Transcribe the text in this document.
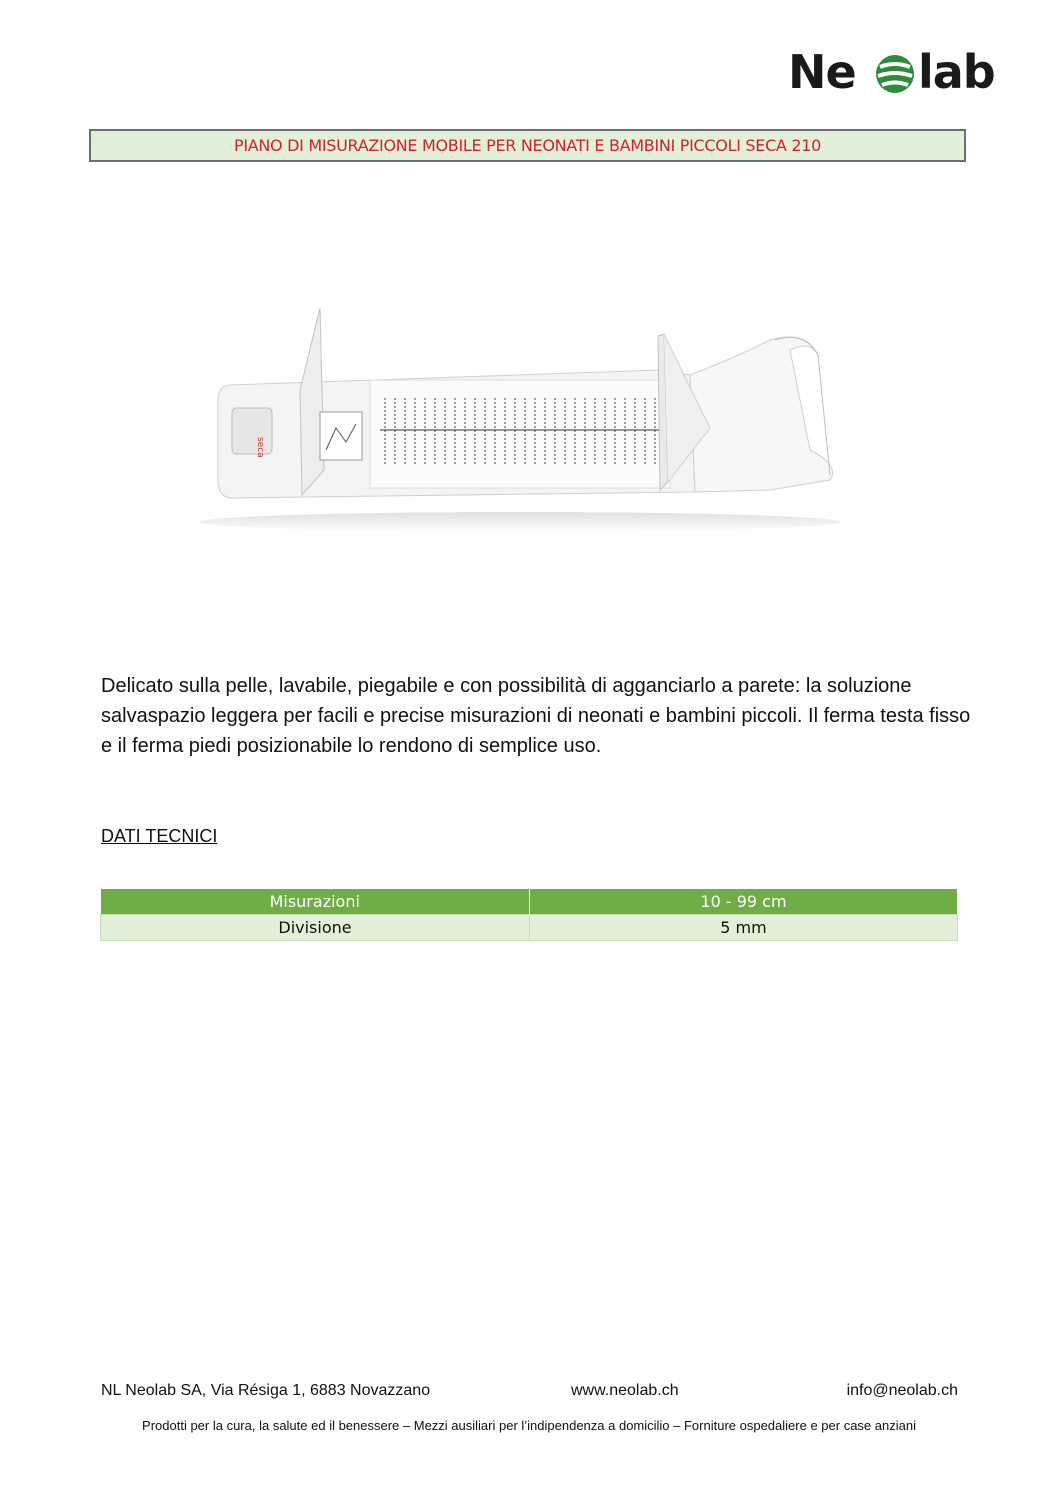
Ne lab
PIANO DI MISURAZIONE MOBILE PER NEONATI E BAMBINI PICCOLI SECA 210
seca

Delicato sulla pelle, lavabile, piegabile e con possibilità di agganciarlo a parete: la soluzione salvaspazio leggera per facili e precise misurazioni di neonati e bambini piccoli. Il ferma testa fisso e il ferma piedi posizionabile lo rendono di semplice uso.

DATI TECNICI

Misurazioni	10 - 99 cm
Divisione	5 mm
NL Neolab SA, Via Résiga 1, 6883 Novazzano	www.neolab.ch	info@neolab.ch
Prodotti per la cura, la salute ed il benessere – Mezzi ausiliari per l’indipendenza a domicilio – Forniture ospedaliere e per case anziani
